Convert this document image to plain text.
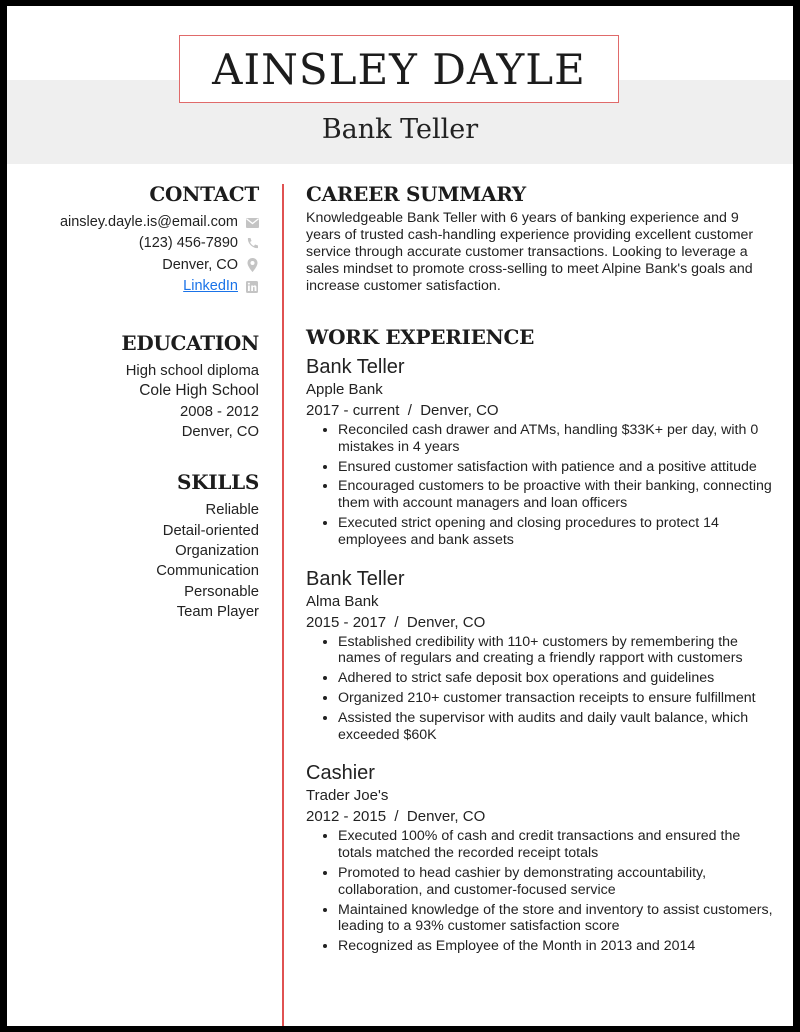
AINSLEY DAYLE
Bank Teller
CONTACT
ainsley.dayle.is@email.com
(123) 456-7890
Denver, CO
LinkedIn
EDUCATION
High school diploma
Cole High School
2008 - 2012
Denver, CO
SKILLS
Reliable
Detail-oriented
Organization
Communication
Personable
Team Player
CAREER SUMMARY
Knowledgeable Bank Teller with 6 years of banking experience and 9 years of trusted cash-handling experience providing excellent customer service through accurate customer transactions. Looking to leverage a sales mindset to promote cross-selling to meet Alpine Bank's goals and increase customer satisfaction.
WORK EXPERIENCE
Bank Teller
Apple Bank
2017 - current  /  Denver, CO
• Reconciled cash drawer and ATMs, handling $33K+ per day, with 0 mistakes in 4 years
• Ensured customer satisfaction with patience and a positive attitude
• Encouraged customers to be proactive with their banking, connecting them with account managers and loan officers
• Executed strict opening and closing procedures to protect 14 employees and bank assets
Bank Teller
Alma Bank
2015 - 2017  /  Denver, CO
• Established credibility with 110+ customers by remembering the names of regulars and creating a friendly rapport with customers
• Adhered to strict safe deposit box operations and guidelines
• Organized 210+ customer transaction receipts to ensure fulfillment
• Assisted the supervisor with audits and daily vault balance, which exceeded $60K
Cashier
Trader Joe's
2012 - 2015  /  Denver, CO
• Executed 100% of cash and credit transactions and ensured the totals matched the recorded receipt totals
• Promoted to head cashier by demonstrating accountability, collaboration, and customer-focused service
• Maintained knowledge of the store and inventory to assist customers, leading to a 93% customer satisfaction score
• Recognized as Employee of the Month in 2013 and 2014
